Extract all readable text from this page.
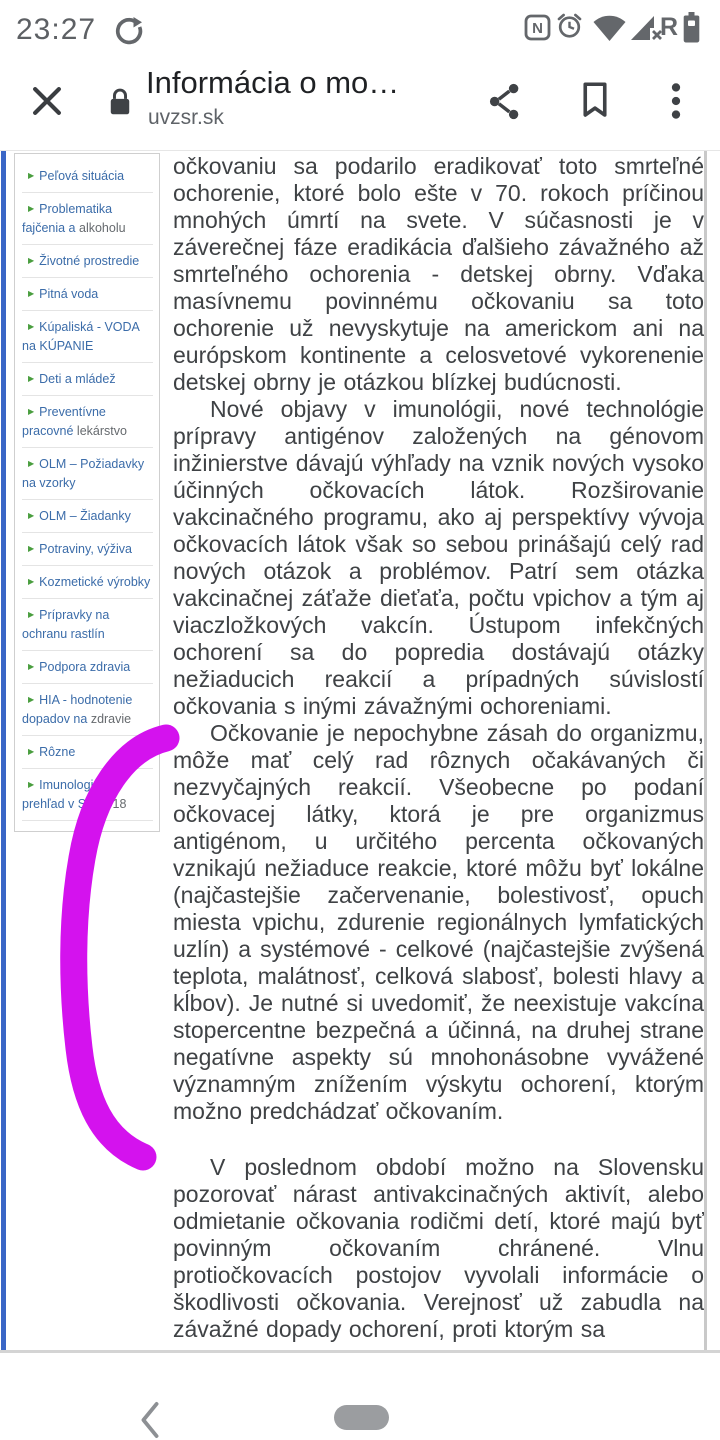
23:27	N	R
Informácia o mo…
uvzsr.sk
▶ Peľová situácia
▶ Problematika fajčenia a alkoholu
▶ Životné prostredie
▶ Pitná voda
▶ Kúpaliská - VODA na KÚPANIE
▶ Deti a mládež
▶ Preventívne pracovné lekárstvo
▶ OLM – Požiadavky na vzorky
▶ OLM – Žiadanky
▶ Potraviny, výživa
▶ Kozmetické výrobky
▶ Prípravky na ochranu rastlín
▶ Podpora zdravia
▶ HIA - hodnotenie dopadov na zdravie
▶ Rôzne
▶ Imunologický prehľad v SR 2018

očkovaniu sa podarilo eradikovať toto smrteľné ochorenie, ktoré bolo ešte v 70. rokoch príčinou mnohých úmrtí na svete. V súčasnosti je v záverečnej fáze eradikácia ďalšieho závažného až smrteľného ochorenia - detskej obrny. Vďaka masívnemu povinnému očkovaniu sa toto ochorenie už nevyskytuje na americkom ani na európskom kontinente a celosvetové vykorenenie detskej obrny je otázkou blízkej budúcnosti.

Nové objavy v imunológii, nové technológie prípravy antigénov založených na génovom inžinierstve dávajú výhľady na vznik nových vysoko účinných očkovacích látok. Rozširovanie vakcinačného programu, ako aj perspektívy vývoja očkovacích látok však so sebou prinášajú celý rad nových otázok a problémov. Patrí sem otázka vakcinačnej záťaže dieťaťa, počtu vpichov a tým aj viaczložkových vakcín. Ústupom infekčných ochorení sa do popredia dostávajú otázky nežiaducich reakcií a prípadných súvislostí očkovania s inými závažnými ochoreniami.

Očkovanie je nepochybne zásah do organizmu, môže mať celý rad rôznych očakávaných či nezvyčajných reakcií. Všeobecne po podaní očkovacej látky, ktorá je pre organizmus antigénom, u určitého percenta očkovaných vznikajú nežiaduce reakcie, ktoré môžu byť lokálne (najčastejšie začervenanie, bolestivosť, opuch miesta vpichu, zdurenie regionálnych lymfatických uzlín) a systémové - celkové (najčastejšie zvýšená teplota, malátnosť, celková slabosť, bolesti hlavy a kĺbov). Je nutné si uvedomiť, že neexistuje vakcína stopercentne bezpečná a účinná, na druhej strane negatívne aspekty sú mnohonásobne vyvážené významným znížením výskytu ochorení, ktorým možno predchádzať očkovaním.

V poslednom období možno na Slovensku pozorovať nárast antivakcinačných aktivít, alebo odmietanie očkovania rodičmi detí, ktoré majú byť povinným očkovaním chránené. Vlnu protiočkovacích postojov vyvolali informácie o škodlivosti očkovania. Verejnosť už zabudla na závažné dopady ochorení, proti ktorým sa
